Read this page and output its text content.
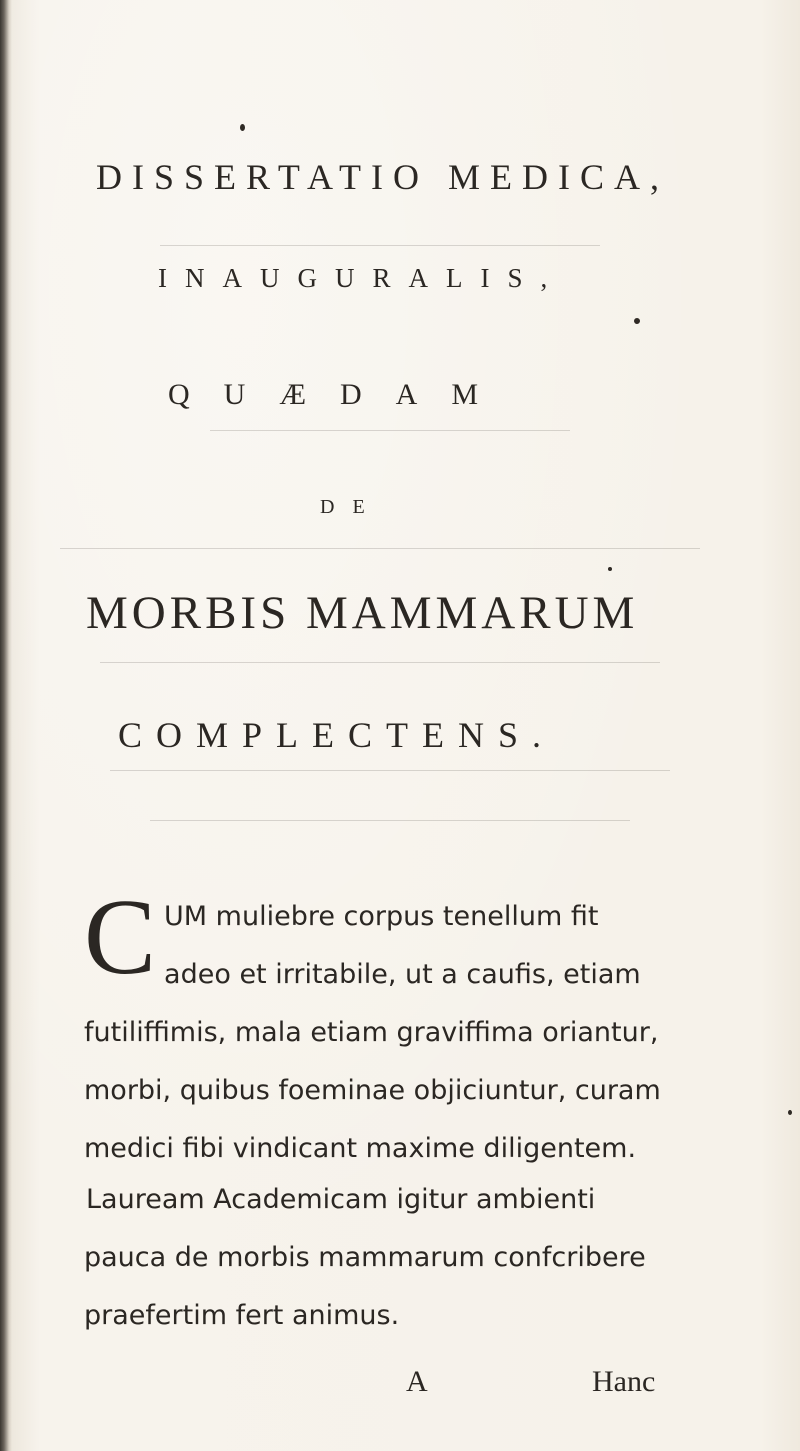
DISSERTATIO MEDICA,
INAUGURALIS,
QUÆDAM
DE
MORBIS MAMMARUM
COMPLECTENS.
C UM muliebre corpus tenellum fit
adeo et irritabile, ut a caufis, etiam
futiliffimis, mala etiam graviffima oriantur,
morbi, quibus foeminae objiciuntur, curam
medici fibi vindicant maxime diligentem.
Lauream Academicam igitur ambienti
pauca de morbis mammarum confcribere
praefertim fert animus.
A	Hanc
